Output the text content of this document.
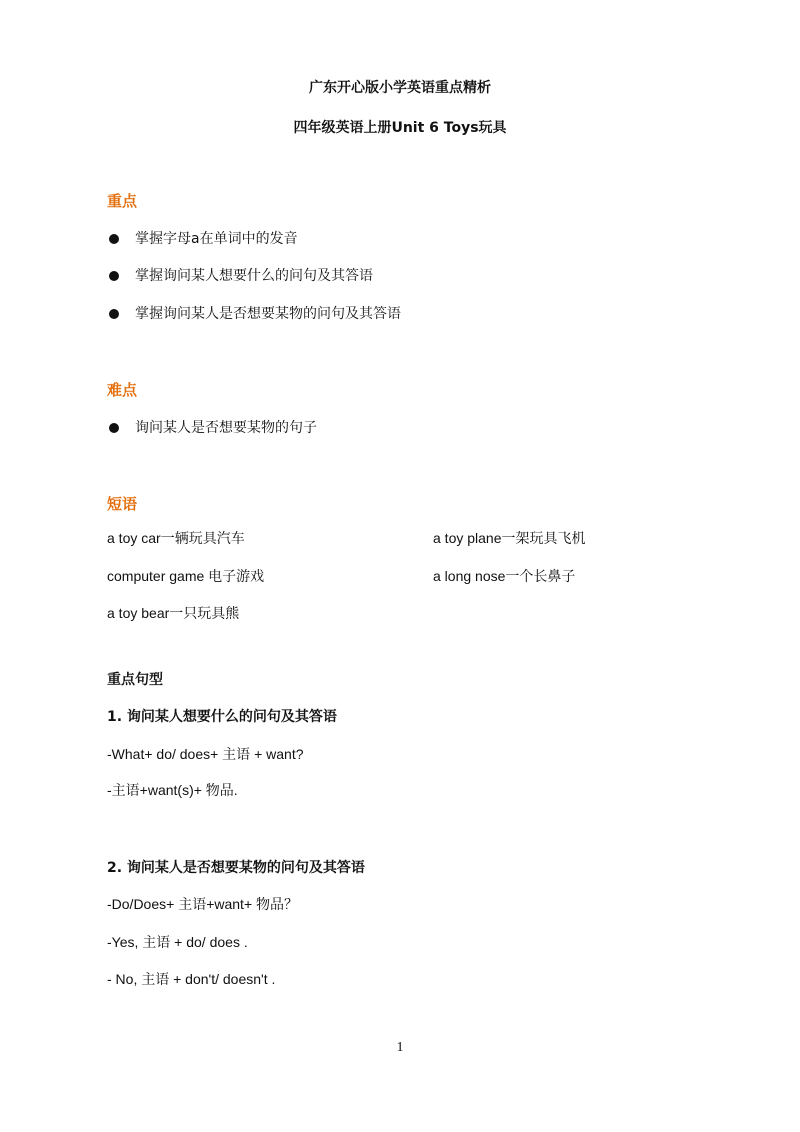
广东开心版小学英语重点精析
四年级英语上册Unit 6 Toys玩具
重点
掌握字母a在单词中的发音
掌握询问某人想要什么的问句及其答语
掌握询问某人是否想要某物的问句及其答语
难点
询问某人是否想要某物的句子
短语
a toy car一辆玩具汽车	a toy plane一架玩具飞机
computer game 电子游戏	a long nose一个长鼻子
a toy bear一只玩具熊
重点句型
1. 询问某人想要什么的问句及其答语
-What+ do/ does+ 主语 + want?
-主语+want(s)+ 物品.
2. 询问某人是否想要某物的问句及其答语
-Do/Does+ 主语+want+ 物品？
-Yes, 主语 + do/ does .
- No, 主语 + don't/ doesn't .
1
